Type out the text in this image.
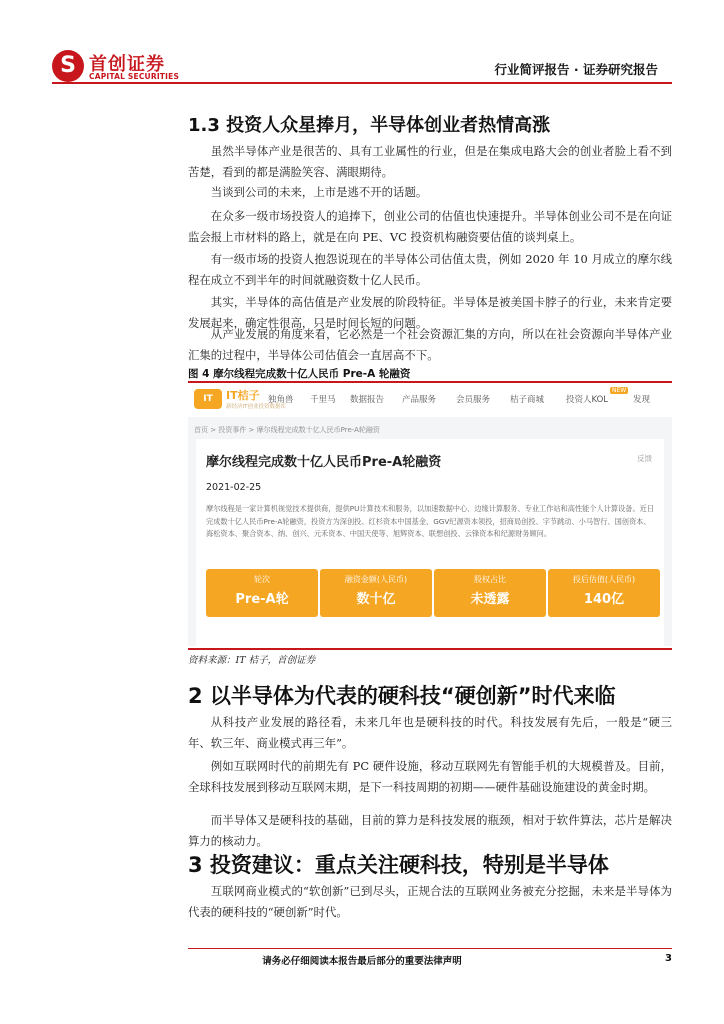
S 首创证券
CAPITAL SECURITIES	行业简评报告 · 证券研究报告
1.3 投资人众星捧月，半导体创业者热情高涨

虽然半导体产业是很苦的、具有工业属性的行业，但是在集成电路大会的创业者脸上看不到苦楚，看到的都是满脸笑容、满眼期待。

当谈到公司的未来，上市是逃不开的话题。

在众多一级市场投资人的追捧下，创业公司的估值也快速提升。半导体创业公司不是在向证监会报上市材料的路上，就是在向 PE、VC 投资机构融资要估值的谈判桌上。

有一级市场的投资人抱怨说现在的半导体公司估值太贵，例如 2020 年 10 月成立的摩尔线程在成立不到半年的时间就融资数十亿人民币。

其实，半导体的高估值是产业发展的阶段特征。半导体是被美国卡脖子的行业，未来肯定要发展起来，确定性很高，只是时间长短的问题。

从产业发展的角度来看，它必然是一个社会资源汇集的方向，所以在社会资源向半导体产业汇集的过程中，半导体公司估值会一直居高不下。

图 4 摩尔线程完成数十亿人民币 Pre-A 轮融资
IT	IT桔子
新经济IT创业投资数据库
独角兽 千里马 数据报告 产品服务 会员服务 桔子商城	投资人KOL
NEW
发现
首页 > 投资事件 > 摩尔线程完成数十亿人民币Pre-A轮融资
摩尔线程完成数十亿人民币Pre-A轮融资	反馈
2021-02-25

摩尔线程是一家计算机视觉技术提供商，提供PU计算技术和服务，以加速数据中心、边缘计算服务、专业工作站和高性能个人计算设备。近日完成数十亿人民币Pre-A轮融资，投资方为深创投、红杉资本中国基金、GGV纪源资本领投，招商局创投、字节跳动、小马智行、国创资本、海松资本、聚合资本、纳、创兴、元禾资本、中国天使等、旭辉资本、联想创投、云锋资本和纪源财务顾问。

轮次
Pre-A轮
融资金额(人民币)
数十亿
股权占比
未透露
投后估值(人民币)
140亿
资料来源：IT 桔子，首创证券
2 以半导体为代表的硬科技“硬创新”时代来临

从科技产业发展的路径看，未来几年也是硬科技的时代。科技发展有先后，一般是“硬三年、软三年、商业模式再三年”。

例如互联网时代的前期先有 PC 硬件设施，移动互联网先有智能手机的大规模普及。目前，全球科技发展到移动互联网末期，是下一科技周期的初期——硬件基础设施建设的黄金时期。

而半导体又是硬科技的基础，目前的算力是科技发展的瓶颈，相对于软件算法，芯片是解决算力的核动力。

3 投资建议：重点关注硬科技，特别是半导体

互联网商业模式的“软创新”已到尽头，正规合法的互联网业务被充分挖掘，未来是半导体为代表的硬科技的“硬创新”时代。

请务必仔细阅读本报告最后部分的重要法律声明	3
